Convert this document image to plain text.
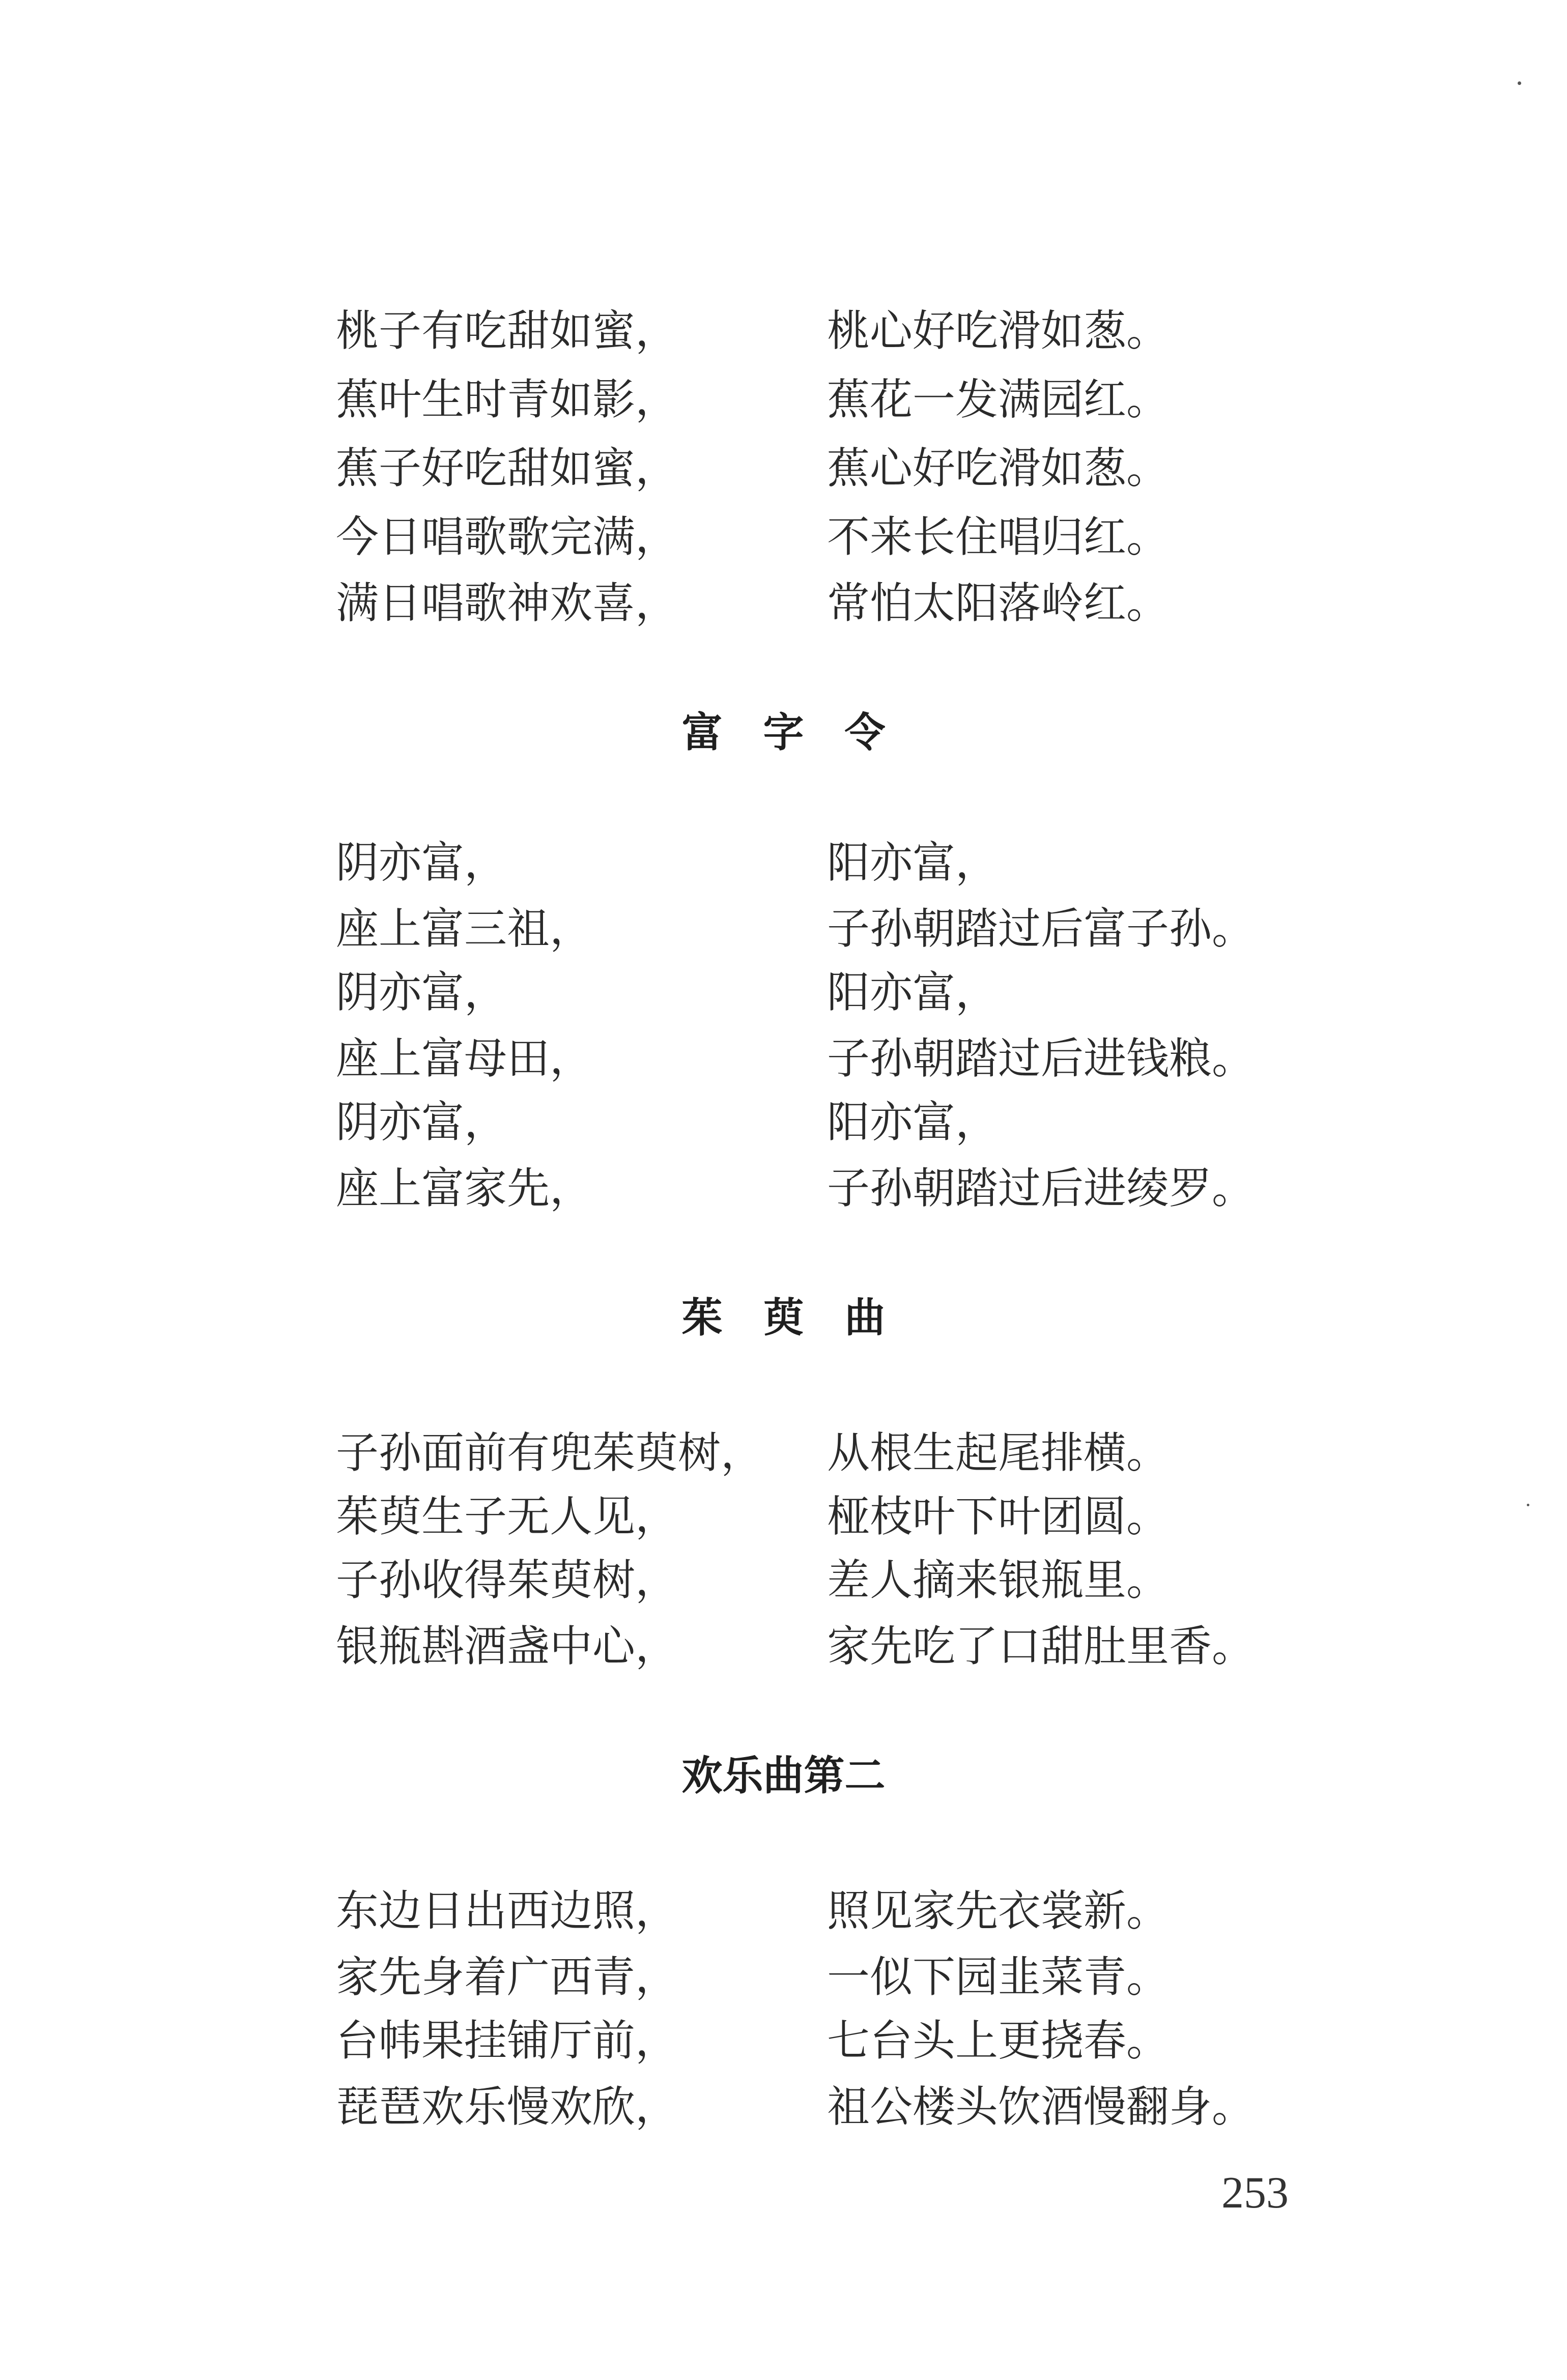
桃子有吃甜如蜜，	桃心好吃滑如葱。
蕉叶生时青如影，	蕉花一发满园红。
蕉子好吃甜如蜜，	蕉心好吃滑如葱。
今日唱歌歌完满，	不来长住唱归红。
满日唱歌神欢喜，	常怕太阳落岭红。
富　字　令
阴亦富，	阳亦富，
座上富三祖，	子孙朝踏过后富子孙。
阴亦富，	阳亦富，
座上富母田，	子孙朝踏过后进钱粮。
阴亦富，	阳亦富，
座上富家先，	子孙朝踏过后进绫罗。
茱　萸　曲
子孙面前有兜茱萸树， 从根生起尾排横。
茱萸生子无人见，	桠枝叶下叶团圆。
子孙收得茱萸树，	差人摘来银瓶里。
银瓶斟酒盏中心，	家先吃了口甜肚里香。
欢乐曲第二
东边日出西边照，	照见家先衣裳新。
家先身着广西青，	一似下园韭菜青。
台帏果挂铺厅前，	七台头上更挠春。
琵琶欢乐慢欢欣，	祖公楼头饮酒慢翻身。
253
